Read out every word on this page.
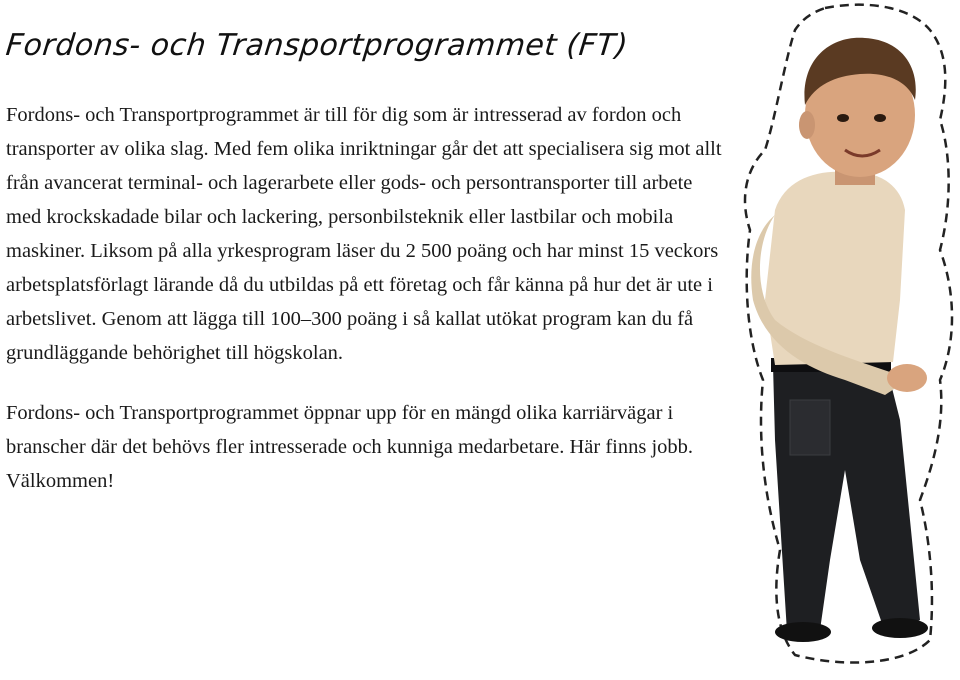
Fordons- och Transportprogrammet (FT)

Fordons- och Transportprogrammet är till för dig som är intresserad av fordon och transporter av olika slag. Med fem olika inriktningar går det att specialisera sig mot allt från avancerat terminal- och lagerarbete eller gods- och persontransporter till arbete med krockskadade bilar och lackering, personbilsteknik eller lastbilar och mobila maskiner. Liksom på alla yrkesprogram läser du 2 500 poäng och har minst 15 veckors arbetsplatsförlagt lärande då du utbildas på ett företag och får känna på hur det är ute i arbetslivet. Genom att lägga till 100–300 poäng i så kallat utökat program kan du få grundläggande behörighet till högskolan.

Fordons- och Transportprogrammet öppnar upp för en mängd olika karriärvägar i branscher där det behövs fler intresserade och kunniga medarbetare. Här finns jobb. Välkommen!
